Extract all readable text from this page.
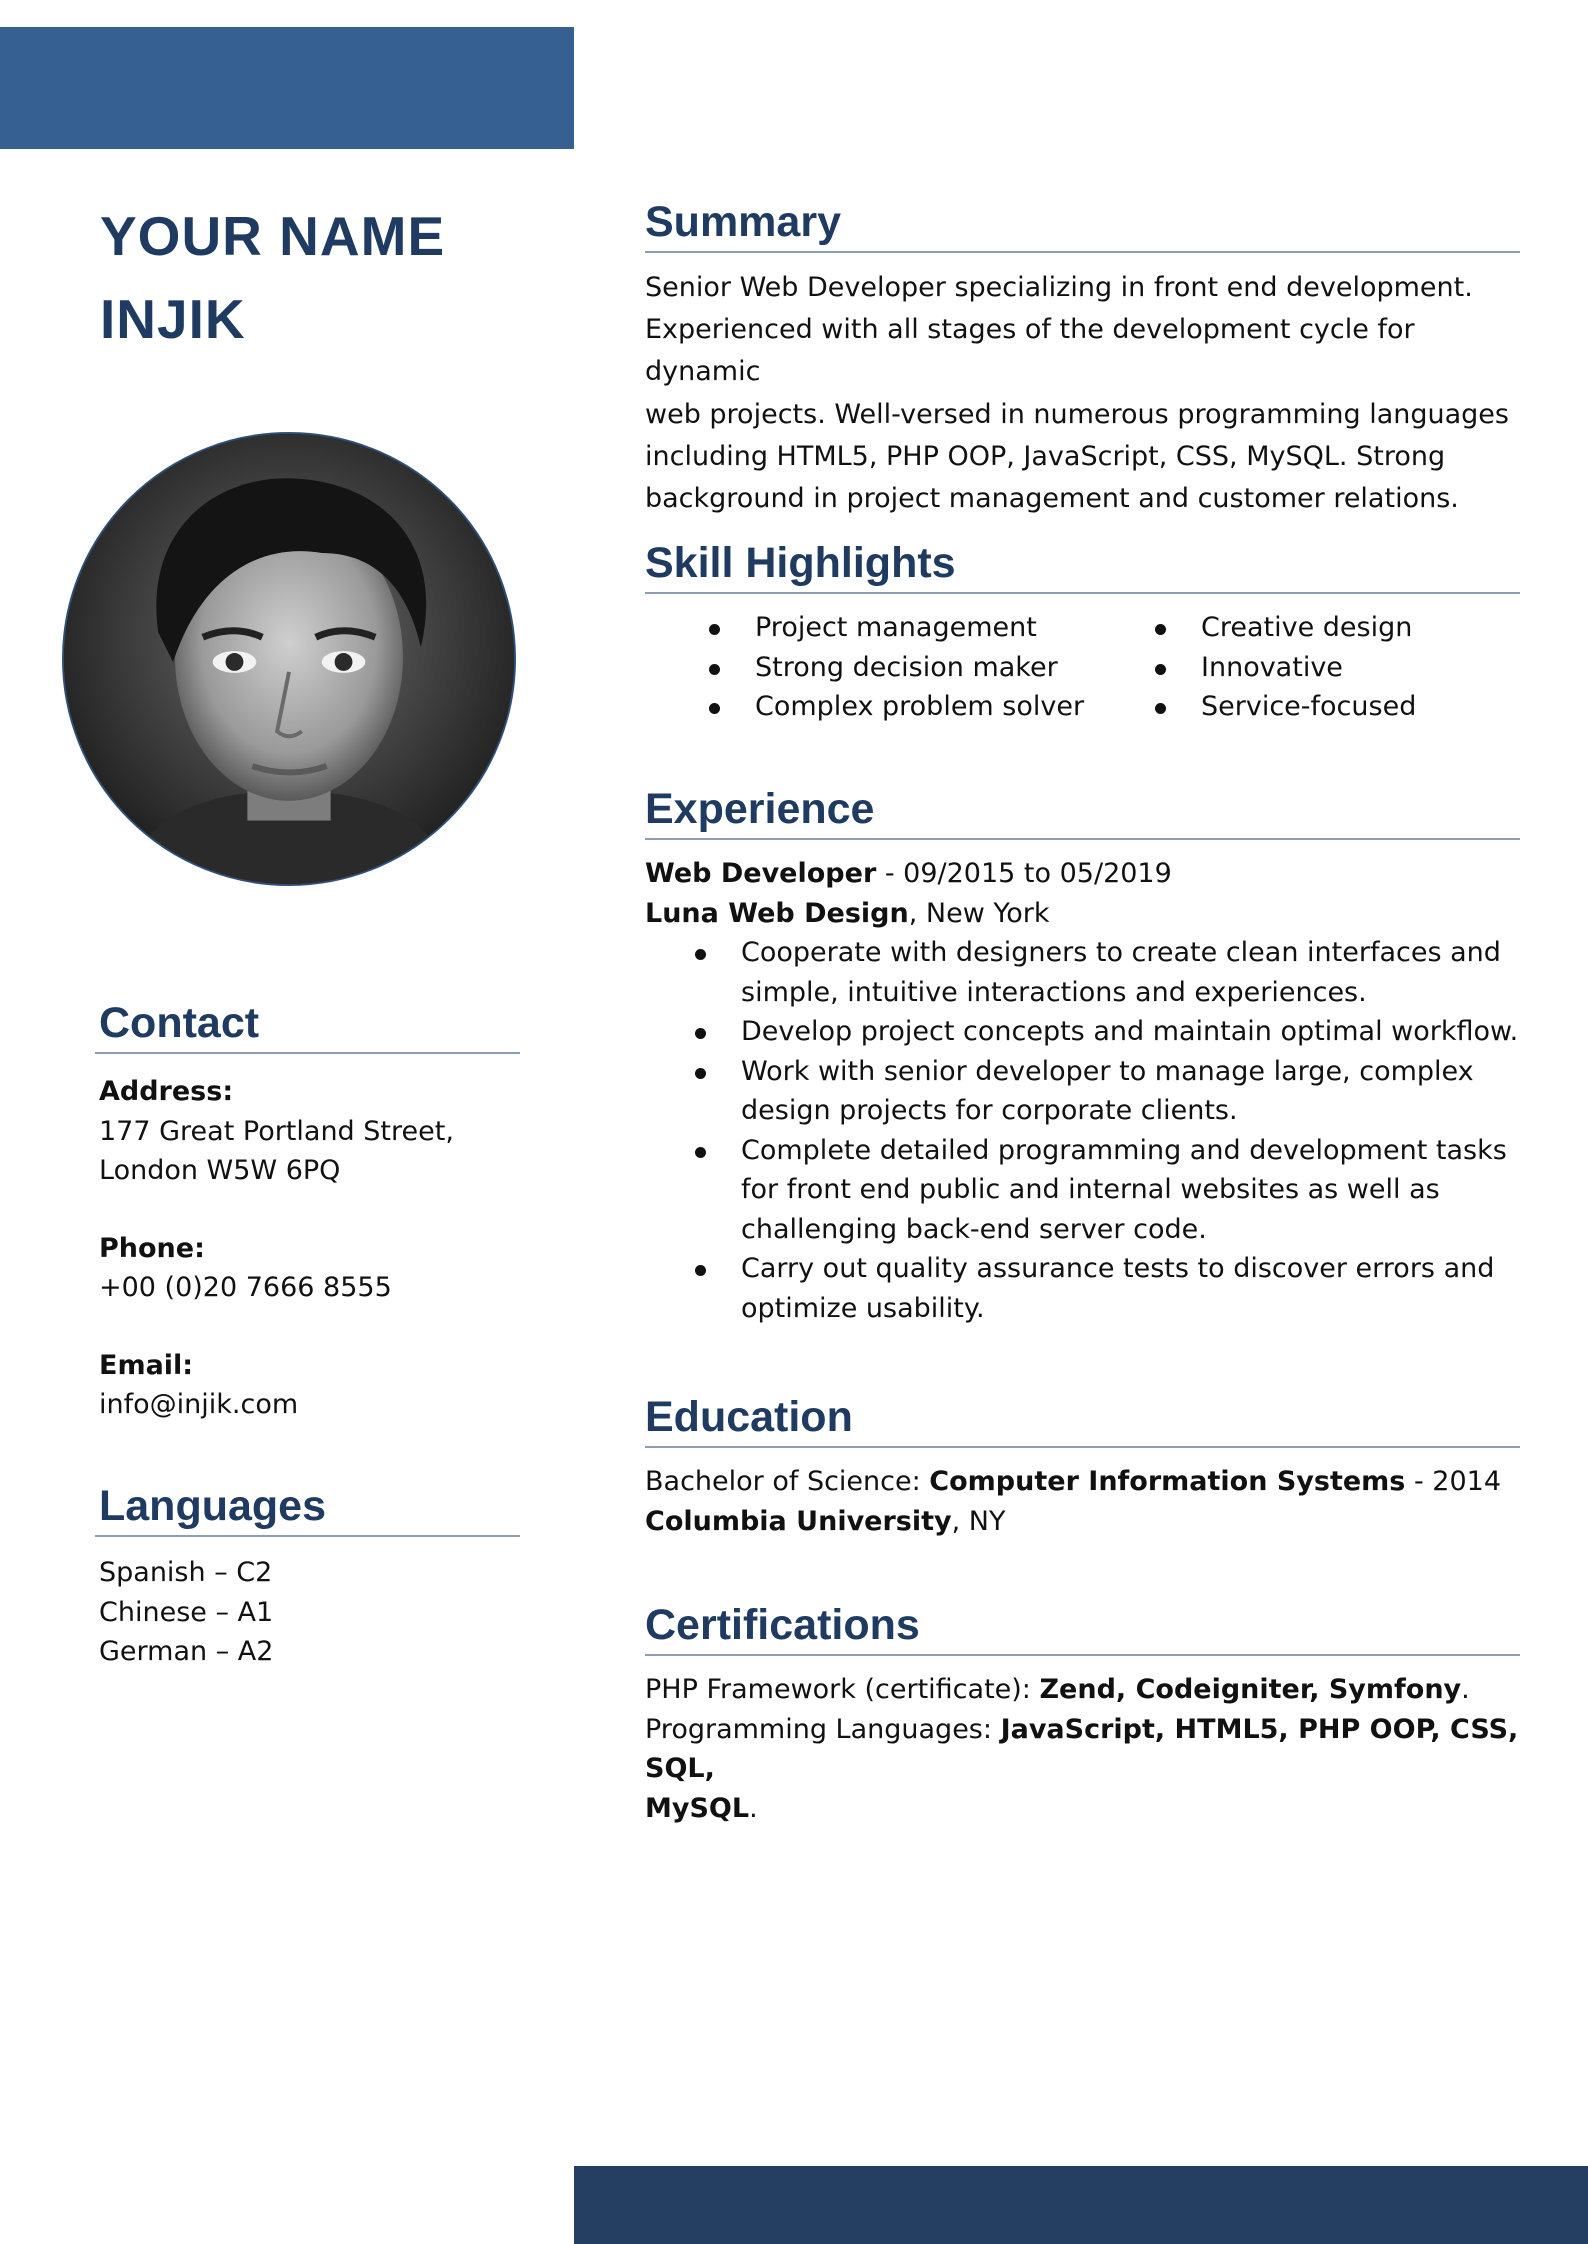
YOUR NAME
INJIK
Contact
Address:
177 Great Portland Street,
London W5W 6PQ
Phone:
+00 (0)20 7666 8555
Email:
info@injik.com
Languages
Spanish – C2
Chinese – A1
German – A2
Summary
Senior Web Developer specializing in front end development.
Experienced with all stages of the development cycle for dynamic
web projects. Well-versed in numerous programming languages
including HTML5, PHP OOP, JavaScript, CSS, MySQL. Strong
background in project management and customer relations.
Skill Highlights
Project management
Strong decision maker
Complex problem solver
Creative design
Innovative
Service-focused
Experience
Web Developer - 09/2015 to 05/2019
Luna Web Design, New York
Cooperate with designers to create clean interfaces and
simple, intuitive interactions and experiences.
Develop project concepts and maintain optimal workflow.
Work with senior developer to manage large, complex
design projects for corporate clients.
Complete detailed programming and development tasks
for front end public and internal websites as well as
challenging back-end server code.
Carry out quality assurance tests to discover errors and
optimize usability.
Education
Bachelor of Science: Computer Information Systems - 2014
Columbia University, NY
Certifications
PHP Framework (certificate): Zend, Codeigniter, Symfony.
Programming Languages: JavaScript, HTML5, PHP OOP, CSS, SQL,
MySQL.
